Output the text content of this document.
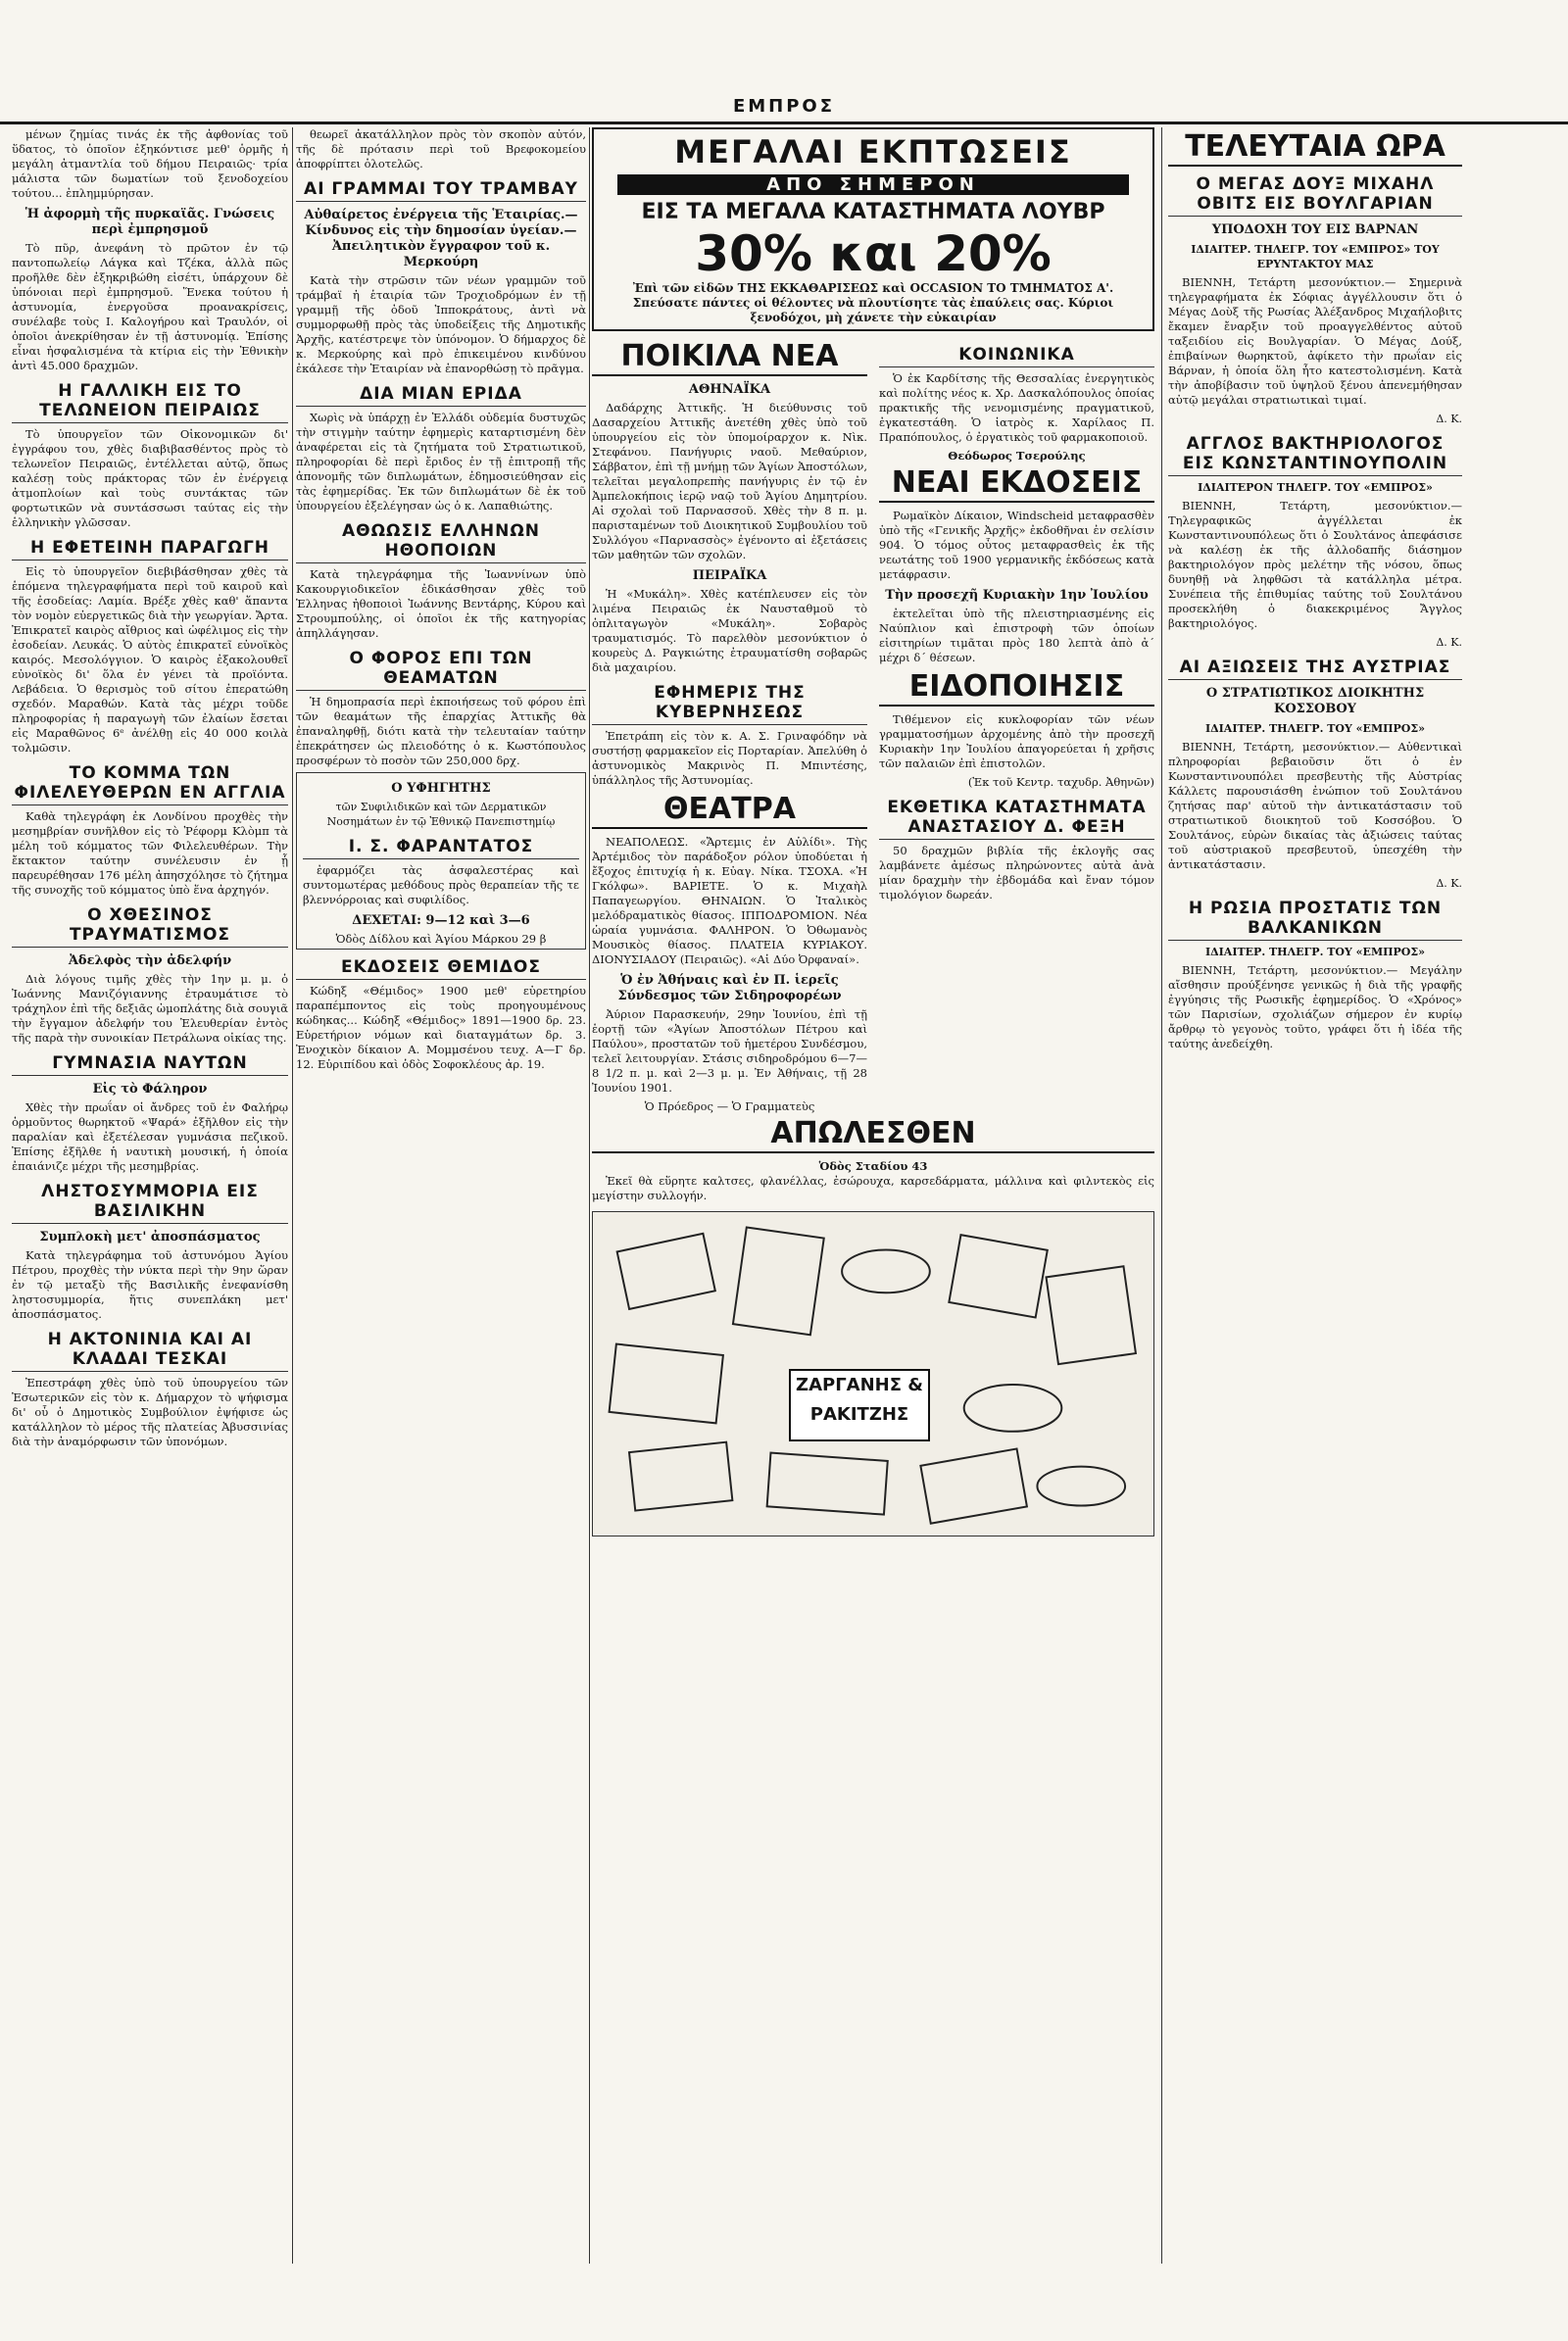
ΕΜΠΡΟΣ

μένων ζημίας τινάς ἐκ τῆς ἀφθονίας τοῦ ὕδατος, τὸ ὁποῖον ἐξηκόντισε μεθ' ὁρμῆς ἡ μεγάλη ἀτμαντλία τοῦ δήμου Πειραιῶς· τρία μάλιστα τῶν δωματίων τοῦ ξενοδοχείου τούτου... ἐπλημμύρησαν.

Ἡ ἀφορμὴ τῆς πυρκαϊᾶς. Γνώσεις περὶ ἐμπρησμοῦ

Τὸ πῦρ, ἀνεφάνη τὸ πρῶτον ἐν τῷ παντοπωλείῳ Λάγκα καὶ Τζέκα, ἀλλὰ πῶς προῆλθε δὲν ἐξηκριβώθη εἰσέτι, ὑπάρχουν δὲ ὑπόνοιαι περὶ ἐμπρησμοῦ. Ἕνεκα τούτου ἡ ἀστυνομία, ἐνεργοῦσα προανακρίσεις, συνέλαβε τοὺς Ι. Καλογήρου καὶ Τραυλόν, οἱ ὁποῖοι ἀνεκρίθησαν ἐν τῇ ἀστυνομίᾳ. Ἐπίσης εἶναι ἠσφαλισμένα τὰ κτίρια εἰς τὴν Ἐθνικὴν ἀντὶ 45.000 δραχμῶν.

Η ΓΑΛΛΙΚΗ ΕΙΣ ΤΟ ΤΕΛΩΝΕΙΟΝ ΠΕΙΡΑΙΩΣ

Τὸ ὑπουργεῖον τῶν Οἰκονομικῶν δι' ἐγγράφου του, χθὲς διαβιβασθέντος πρὸς τὸ τελωνεῖον Πειραιῶς, ἐντέλλεται αὐτῷ, ὅπως καλέσῃ τοὺς πράκτορας τῶν ἐν ἐνέργειᾳ ἀτμοπλοίων καὶ τοὺς συντάκτας τῶν φορτωτικῶν νὰ συντάσσωσι ταύτας εἰς τὴν ἑλληνικὴν γλῶσσαν.

Η ΕΦΕΤΕΙΝΗ ΠΑΡΑΓΩΓΗ

Εἰς τὸ ὑπουργεῖον διεβιβάσθησαν χθὲς τὰ ἑπόμενα τηλεγραφήματα περὶ τοῦ καιροῦ καὶ τῆς ἐσοδείας: Λαμία. Βρέξε χθὲς καθ' ἅπαντα τὸν νομὸν εὐεργετικῶς διὰ τὴν γεωργίαν. Ἄρτα. Ἐπικρατεῖ καιρὸς αἴθριος καὶ ὠφέλιμος εἰς τὴν ἐσοδείαν. Λευκάς. Ὁ αὐτὸς ἐπικρατεῖ εὐνοϊκὸς καιρός. Μεσολόγγιον. Ὁ καιρὸς ἐξακολουθεῖ εὐνοϊκὸς δι' ὅλα ἐν γένει τὰ προϊόντα. Λεβάδεια. Ὁ θερισμὸς τοῦ σίτου ἐπερατώθη σχεδόν. Μαραθών. Κατὰ τὰς μέχρι τοῦδε πληροφορίας ἡ παραγωγὴ τῶν ἐλαίων ἔσεται εἰς Μαραθῶνος 6ᵉ ἀνέλθῃ εἰς 40 000 κοιλὰ τολμῶσιν.

ΤΟ ΚΟΜΜΑ ΤΩΝ ΦΙΛΕΛΕΥΘΕΡΩΝ ΕΝ ΑΓΓΛΙΑ

Καθὰ τηλεγράφη ἐκ Λονδίνου προχθὲς τὴν μεσημβρίαν συνῆλθον εἰς τὸ Ῥέφορμ Κλὸμπ τὰ μέλη τοῦ κόμματος τῶν Φιλελευθέρων. Τὴν ἔκτακτον ταύτην συνέλευσιν ἐν ᾗ παρευρέθησαν 176 μέλη ἀπησχόλησε τὸ ζήτημα τῆς συνοχῆς τοῦ κόμματος ὑπὸ ἕνα ἀρχηγόν.

Ο ΧΘΕΣΙΝΟΣ ΤΡΑΥΜΑΤΙΣΜΟΣ
Ἀδελφὸς τὴν ἀδελφήν

Διὰ λόγους τιμῆς χθὲς τὴν 1ην μ. μ. ὁ Ἰωάννης Μανιζόγιαννης ἐτραυμάτισε τὸ τράχηλον ἐπὶ τῆς δεξιᾶς ὠμοπλάτης διὰ σουγιᾶ τὴν ἔγγαμον ἀδελφήν του Ἐλευθερίαν ἐντὸς τῆς παρὰ τὴν συνοικίαν Πετράλωνα οἰκίας της.

ΓΥΜΝΑΣΙΑ ΝΑΥΤΩΝ
Εἰς τὸ Φάληρον

Χθὲς τὴν πρωΐαν οἱ ἄνδρες τοῦ ἐν Φαλήρῳ ὁρμοῦντος θωρηκτοῦ «Ψαρά» ἐξῆλθον εἰς τὴν παραλίαν καὶ ἐξετέλεσαν γυμνάσια πεζικοῦ. Ἐπίσης ἐξῆλθε ἡ ναυτικὴ μουσική, ἡ ὁποία ἐπαιάνιζε μέχρι τῆς μεσημβρίας.

ΛΗΣΤΟΣΥΜΜΟΡΙΑ ΕΙΣ ΒΑΣΙΛΙΚΗΝ
Συμπλοκὴ μετ' ἀποσπάσματος

Κατὰ τηλεγράφημα τοῦ ἀστυνόμου Ἁγίου Πέτρου, προχθὲς τὴν νύκτα περὶ τὴν 9ην ὥραν ἐν τῷ μεταξὺ τῆς Βασιλικῆς ἐνεφανίσθη ληστοσυμμορία, ἥτις συνεπλάκη μετ' ἀποσπάσματος.

Η ΑΚΤΟΝΙΝΙΑ ΚΑΙ ΑΙ ΚΛΑΔΑΙ ΤΕΣΚΑΙ

Ἐπεστράφη χθὲς ὑπὸ τοῦ ὑπουργείου τῶν Ἐσωτερικῶν εἰς τὸν κ. Δήμαρχον τὸ ψήφισμα δι' οὗ ὁ Δημοτικὸς Συμβούλιον ἐψήφισε ὡς κατάλληλον τὸ μέρος τῆς πλατείας Ἀβυσσινίας διὰ τὴν ἀναμόρφωσιν τῶν ὑπονόμων.

θεωρεῖ ἀκατάλληλον πρὸς τὸν σκοπὸν αὐτόν, τῆς δὲ πρότασιν περὶ τοῦ Βρεφοκομείου ἀποφρίπτει ὁλοτελῶς.

ΑΙ ΓΡΑΜΜΑΙ ΤΟΥ ΤΡΑΜΒΑΥ
Αὐθαίρετος ἐνέργεια τῆς Ἑταιρίας.— Κίνδυνος εἰς τὴν δημοσίαν ὑγείαν.— Ἀπειλητικὸν ἔγγραφον τοῦ κ. Μερκούρη

Κατὰ τὴν στρῶσιν τῶν νέων γραμμῶν τοῦ τράμβαϊ ἡ ἑταιρία τῶν Τροχιοδρόμων ἐν τῇ γραμμῇ τῆς ὁδοῦ Ἱπποκράτους, ἀντὶ νὰ συμμορφωθῇ πρὸς τὰς ὑποδείξεις τῆς Δημοτικῆς Ἀρχῆς, κατέστρεψε τὸν ὑπόνομον. Ὁ δήμαρχος δὲ κ. Μερκούρης καὶ πρὸ ἐπικειμένου κινδύνου ἐκάλεσε τὴν Ἑταιρίαν νὰ ἐπανορθώσῃ τὸ πρᾶγμα.

ΔΙΑ ΜΙΑΝ ΕΡΙΔΑ

Χωρὶς νὰ ὑπάρχῃ ἐν Ἑλλάδι οὐδεμία δυστυχῶς τὴν στιγμὴν ταύτην ἐφημερὶς καταρτισμένη δὲν ἀναφέρεται εἰς τὰ ζητήματα τοῦ Στρατιωτικοῦ, πληροφορίαι δὲ περὶ ἔριδος ἐν τῇ ἐπιτροπῇ τῆς ἀπονομῆς τῶν διπλωμάτων, ἐδημοσιεύθησαν εἰς τὰς ἐφημερίδας. Ἐκ τῶν διπλωμάτων δὲ ἐκ τοῦ ὑπουργείου ἐξελέγησαν ὡς ὁ κ. Λαπαθιώτης.

ΑΘΩΩΣΙΣ ΕΛΛΗΝΩΝ ΗΘΟΠΟΙΩΝ

Κατὰ τηλεγράφημα τῆς Ἰωαννίνων ὑπὸ Κακουργιοδικεῖον ἐδικάσθησαν χθὲς τοῦ Ἑλληνας ἠθοποιοὶ Ἰωάννης Βεντάρης, Κύρου καὶ Στρουμπούλης, οἱ ὁποῖοι ἐκ τῆς κατηγορίας ἀπηλλάγησαν.

Ο ΦΟΡΟΣ ΕΠΙ ΤΩΝ ΘΕΑΜΑΤΩΝ

Ἡ δημοπρασία περὶ ἐκποιήσεως τοῦ φόρου ἐπὶ τῶν θεαμάτων τῆς ἐπαρχίας Ἀττικῆς θὰ ἐπαναληφθῇ, διότι κατὰ τὴν τελευταίαν ταύτην ἐπεκράτησεν ὡς πλειοδότης ὁ κ. Κωστόπουλος προσφέρων τὸ ποσὸν τῶν 250,000 δρχ.

Ο ΥΦΗΓΗΤΗΣ
τῶν Συφιλιδικῶν καὶ τῶν Δερματικῶν Νοσημάτων ἐν τῷ Ἐθνικῷ Πανεπιστημίῳ
Ι. Σ. ΦΑΡΑΝΤΑΤΟΣ

ἐφαρμόζει τὰς ἀσφαλεστέρας καὶ συντομωτέρας μεθόδους πρὸς θεραπείαν τῆς τε βλεννόρροιας καὶ συφιλίδος.

ΔΕΧΕΤΑΙ: 9—12 καὶ 3—6
Ὁδὸς Δίδλου καὶ Ἁγίου Μάρκου 29 β
ΕΚΔΟΣΕΙΣ ΘΕΜΙΔΟΣ

Κώδηξ «Θέμιδος» 1900 μεθ' εὑρετηρίου παραπέμποντος εἰς τοὺς προηγουμένους κώδηκας... Κώδηξ «Θέμιδος» 1891—1900 δρ. 23. Εὑρετήριον νόμων καὶ διαταγμάτων δρ. 3. Ἐνοχικὸν δίκαιον Α. Μομμσένου τευχ. Α—Γ δρ. 12. Εὐριπίδου καὶ ὁδὸς Σοφοκλέους ἀρ. 19.

ΜΕΓΑΛΑΙ ΕΚΠΤΩΣΕΙΣ
ΑΠΟ ΣΗΜΕΡΟΝ
ΕΙΣ ΤΑ ΜΕΓΑΛΑ ΚΑΤΑΣΤΗΜΑΤΑ ΛΟΥΒΡ
30% και 20%
Ἐπὶ τῶν εἰδῶν ΤΗΣ ΕΚΚΑΘΑΡΙΣΕΩΣ καὶ OCCASION ΤΟ ΤΜΗΜΑΤΟΣ Α'.
Σπεύσατε πάντες οἱ θέλοντες νὰ πλουτίσητε τὰς ἐπαύλεις σας. Κύριοι ξενοδόχοι, μὴ χάνετε τὴν εὐκαιρίαν
ΠΟΙΚΙΛΑ ΝΕΑ
ΑΘΗΝΑΪΚΑ

Δαδάρχης Ἀττικῆς. Ἡ διεύθυνσις τοῦ Δασαρχείου Ἀττικῆς ἀνετέθη χθὲς ὑπὸ τοῦ ὑπουργείου εἰς τὸν ὑπομοίραρχον κ. Νὶκ. Στεφάνου. Πανήγυρις ναοῦ. Μεθαύριον, Σάββατον, ἐπὶ τῇ μνήμῃ τῶν Ἁγίων Ἀποστόλων, τελεῖται μεγαλοπρεπὴς πανήγυρις ἐν τῷ ἐν Ἀμπελοκήποις ἱερῷ ναῷ τοῦ Ἁγίου Δημητρίου. Αἱ σχολαὶ τοῦ Παρνασσοῦ. Χθὲς τὴν 8 π. μ. παρισταμένων τοῦ Διοικητικοῦ Συμβουλίου τοῦ Συλλόγου «Παρνασσὸς» ἐγένοντο αἱ ἐξετάσεις τῶν μαθητῶν τῶν σχολῶν.

ΠΕΙΡΑΪΚΑ

Ἡ «Μυκάλη». Χθὲς κατέπλευσεν εἰς τὸν λιμένα Πειραιῶς ἐκ Ναυσταθμοῦ τὸ ὁπλιταγωγὸν «Μυκάλη». Σοβαρὸς τραυματισμός. Τὸ παρελθὸν μεσονύκτιον ὁ κουρεὺς Δ. Ραγκιώτης ἐτραυματίσθη σοβαρῶς διὰ μαχαιρίου.

ΕΦΗΜΕΡΙΣ ΤΗΣ ΚΥΒΕΡΝΗΣΕΩΣ

Ἐπετράπη εἰς τὸν κ. Α. Σ. Γριναφόδην νὰ συστήσῃ φαρμακεῖον εἰς Πορταρίαν. Ἀπελύθη ὁ ἀστυνομικὸς Μακρινὸς Π. Μπιντέσης, ὑπάλληλος τῆς Ἀστυνομίας.

ΘΕΑΤΡΑ

ΝΕΑΠΟΛΕΩΣ. «Ἄρτεμις ἐν Αὐλίδι». Τὴς Ἀρτέμιδος τὸν παράδοξον ρόλον ὑποδύεται ἡ ἔξοχος ἐπιτυχίᾳ ἡ κ. Εὐαγ. Νίκα. ΤΣΟΧΑ. «Ἡ Γκόλφω». ΒΑΡΙΕΤΕ. Ὁ κ. Μιχαὴλ Παπαγεωργίου. ΘΗΝΑΙΩΝ. Ὁ Ἰταλικὸς μελόδραματικὸς θίασος. ΙΠΠΟΔΡΟΜΙΟΝ. Νέα ὡραία γυμνάσια. ΦΑΛΗΡΟΝ. Ὁ Ὀθωμανὸς Μουσικὸς θίασος. ΠΛΑΤΕΙΑ ΚΥΡΙΑΚΟΥ. ΔΙΟΝΥΣΙΑΔΟΥ (Πειραιῶς). «Αἱ Δύο Ὀρφαναί».

Ὁ ἐν Ἀθήναις καὶ ἐν Π. ἱερεῖς Σύνδεσμος τῶν Σιδηροφορέων

Ἀύριον Παρασκευήν, 29ην Ἰουνίου, ἐπὶ τῇ ἑορτῇ τῶν «Ἁγίων Ἀποστόλων Πέτρου καὶ Παύλου», προστατῶν τοῦ ἡμετέρου Συνδέσμου, τελεῖ λειτουργίαν. Στάσις σιδηροδρόμου 6—7—8 1/2 π. μ. καὶ 2—3 μ. μ. Ἐν Ἀθήναις, τῇ 28 Ἰουνίου 1901.

Ὁ Πρόεδρος — Ὁ Γραμματεὺς
ΚΟΙΝΩΝΙΚΑ

Ὁ ἐκ Καρδίτσης τῆς Θεσσαλίας ἐνεργητικὸς καὶ πολίτης νέος κ. Χρ. Δασκαλόπουλος ὁποίας πρακτικῆς τῆς νενομισμένης πραγματικοῦ, ἐγκατεστάθη. Ὁ ἰατρὸς κ. Χαρίλαος Π. Πραπόπουλος, ὁ ἐργατικὸς τοῦ φαρμακοποιοῦ.

Θεόδωρος Τσερούλης
ΝΕΑΙ ΕΚΔΟΣΕΙΣ

Ρωμαϊκὸν Δίκαιον, Windscheid μεταφρασθὲν ὑπὸ τῆς «Γενικῆς Ἀρχῆς» ἐκδοθῆναι ἐν σελίσιν 904. Ὁ τόμος οὗτος μεταφρασθεὶς ἐκ τῆς νεωτάτης τοῦ 1900 γερμανικῆς ἐκδόσεως κατὰ μετάφρασιν.

Τὴν προσεχῆ Κυριακὴν 1ην Ἰουλίου

ἐκτελεῖται ὑπὸ τῆς πλειστηριασμένης εἰς Ναύπλιον καὶ ἐπιστροφὴ τῶν ὁποίων εἰσιτηρίων τιμᾶται πρὸς 180 λεπτὰ ἀπὸ ἀ΄ μέχρι δ΄ θέσεων.

ΕΙΔΟΠΟΙΗΣΙΣ

Τιθέμενον εἰς κυκλοφορίαν τῶν νέων γραμματοσήμων ἀρχομένης ἀπὸ τὴν προσεχῆ Κυριακὴν 1ην Ἰουλίου ἀπαγορεύεται ἡ χρῆσις τῶν παλαιῶν ἐπὶ ἐπιστολῶν.

(Ἐκ τοῦ Κεντρ. ταχυδρ. Ἀθηνῶν)
ΕΚΘΕΤΙΚΑ ΚΑΤΑΣΤΗΜΑΤΑ ΑΝΑΣΤΑΣΙΟΥ Δ. ΦΕΞΗ

50 δραχμῶν βιβλία τῆς ἐκλογῆς σας λαμβάνετε ἀμέσως πληρώνοντες αὐτὰ ἀνὰ μίαν δραχμὴν τὴν ἑβδομάδα καὶ ἔναν τόμον τιμολόγιον δωρεάν.

ΑΠΩΛΕΣΘΕΝ
Ὁδὸς Σταδίου 43

Ἐκεῖ θὰ εὕρητε καλτσες, φλανέλλας, ἐσώρουχα, καρσεδάρματα, μάλλινα καὶ φιλντεκὸς εἰς μεγίστην συλλογήν.

ΖΑΡΓΑΝΗΣ & ΡΑΚΙΤΖΗΣ
ΤΕΛΕΥΤΑΙΑ ΩΡΑ
Ο ΜΕΓΑΣ ΔΟΥΞ ΜΙΧΑΗΛ ΟΒΙΤΣ ΕΙΣ ΒΟΥΛΓΑΡΙΑΝ
ΥΠΟΔΟΧΗ ΤΟΥ ΕΙΣ ΒΑΡΝΑΝ
ΙΔΙΑΙΤΕΡ. ΤΗΛΕΓΡ. ΤΟΥ «ΕΜΠΡΟΣ» ΤΟΥ ΕΡΥΝΤΑΚΤΟΥ ΜΑΣ

ΒΙΕΝΝΗ, Τετάρτη μεσονύκτιον.— Σημερινὰ τηλεγραφήματα ἐκ Σόφιας ἀγγέλλουσιν ὅτι ὁ Μέγας Δοὺξ τῆς Ρωσίας Ἀλέξανδρος Μιχαήλοβιτς ἔκαμεν ἔναρξιν τοῦ προαγγελθέντος αὐτοῦ ταξειδίου εἰς Βουλγαρίαν. Ὁ Μέγας Δούξ, ἐπιβαίνων θωρηκτοῦ, ἀφίκετο τὴν πρωΐαν εἰς Βάρναν, ἡ ὁποία ὅλη ἦτο κατεστολισμένη. Κατὰ τὴν ἀποβίβασιν τοῦ ὑψηλοῦ ξένου ἀπενεμήθησαν αὐτῷ μεγάλαι στρατιωτικαὶ τιμαί.

Δ. Κ.
ΑΓΓΛΟΣ ΒΑΚΤΗΡΙΟΛΟΓΟΣ ΕΙΣ ΚΩΝΣΤΑΝΤΙΝΟΥΠΟΛΙΝ
ΙΔΙΑΙΤΕΡΟΝ ΤΗΛΕΓΡ. ΤΟΥ «ΕΜΠΡΟΣ»

ΒΙΕΝΝΗ, Τετάρτη, μεσονύκτιον.— Τηλεγραφικῶς ἀγγέλλεται ἐκ Κωνσταντινουπόλεως ὅτι ὁ Σουλτάνος ἀπεφάσισε νὰ καλέσῃ ἐκ τῆς ἀλλοδαπῆς διάσημον βακτηριολόγον πρὸς μελέτην τῆς νόσου, ὅπως δυνηθῇ νὰ ληφθῶσι τὰ κατάλληλα μέτρα. Συνέπεια τῆς ἐπιθυμίας ταύτης τοῦ Σουλτάνου προσεκλήθη ὁ διακεκριμένος Ἄγγλος βακτηριολόγος.

Δ. Κ.
ΑΙ ΑΞΙΩΣΕΙΣ ΤΗΣ ΑΥΣΤΡΙΑΣ
Ο ΣΤΡΑΤΙΩΤΙΚΟΣ ΔΙΟΙΚΗΤΗΣ ΚΟΣΣΟΒΟΥ
ΙΔΙΑΙΤΕΡ. ΤΗΛΕΓΡ. ΤΟΥ «ΕΜΠΡΟΣ»

ΒΙΕΝΝΗ, Τετάρτη, μεσονύκτιον.— Αὐθεντικαὶ πληροφορίαι βεβαιοῦσιν ὅτι ὁ ἐν Κωνσταντινουπόλει πρεσβευτὴς τῆς Αὐστρίας Κάλλετς παρουσιάσθη ἐνώπιον τοῦ Σουλτάνου ζητήσας παρ' αὐτοῦ τὴν ἀντικατάστασιν τοῦ στρατιωτικοῦ διοικητοῦ τοῦ Κοσσόβου. Ὁ Σουλτάνος, εὑρὼν δικαίας τὰς ἀξιώσεις ταύτας τοῦ αὐστριακοῦ πρεσβευτοῦ, ὑπεσχέθη τὴν ἀντικατάστασιν.

Δ. Κ.
Η ΡΩΣΙΑ ΠΡΟΣΤΑΤΙΣ ΤΩΝ ΒΑΛΚΑΝΙΚΩΝ
ΙΔΙΑΙΤΕΡ. ΤΗΛΕΓΡ. ΤΟΥ «ΕΜΠΡΟΣ»

ΒΙΕΝΝΗ, Τετάρτη, μεσονύκτιον.— Μεγάλην αἴσθησιν προύξένησε γενικῶς ἡ διὰ τῆς γραφῆς ἐγγύησις τῆς Ρωσικῆς ἐφημερίδος. Ὁ «Χρόνος» τῶν Παρισίων, σχολιάζων σήμερον ἐν κυρίῳ ἄρθρῳ τὸ γεγονὸς τοῦτο, γράφει ὅτι ἡ ἰδέα τῆς ταύτης ἀνεδείχθη.
